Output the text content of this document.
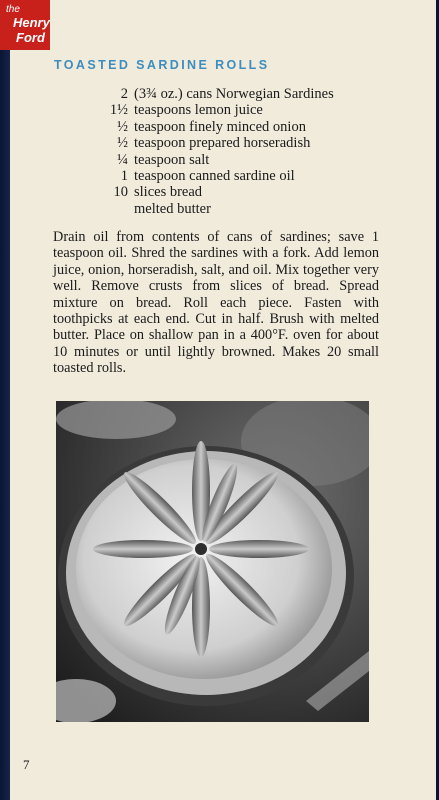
TOASTED SARDINE ROLLS
2 (3¾ oz.) cans Norwegian Sardines
1½ teaspoons lemon juice
½ teaspoon finely minced onion
½ teaspoon prepared horseradish
¼ teaspoon salt
1 teaspoon canned sardine oil
10 slices bread
melted butter
Drain oil from contents of cans of sardines; save 1 teaspoon oil. Shred the sardines with a fork. Add lemon juice, onion, horseradish, salt, and oil. Mix together very well. Remove crusts from slices of bread. Spread mixture on bread. Roll each piece. Fasten with toothpicks at each end. Cut in half. Brush with melted butter. Place on shallow pan in a 400°F. oven for about 10 minutes or until lightly browned. Makes 20 small toasted rolls.
7
the
Henry
Ford
